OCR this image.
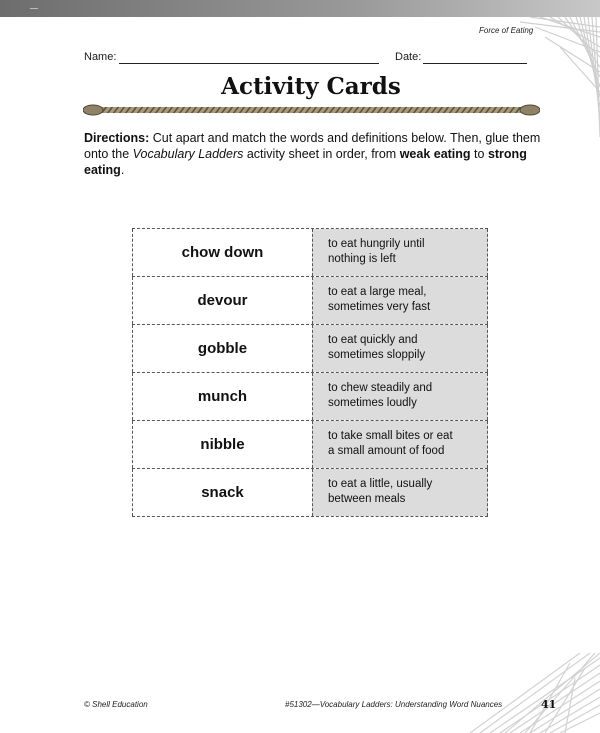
Force of Eating
Name:	Date:
Activity Cards
Directions: Cut apart and match the words and definitions below. Then, glue them onto the Vocabulary Ladders activity sheet in order, from weak eating to strong eating.
chow down	to eat hungrily until
nothing is left
devour	to eat a large meal,
sometimes very fast
gobble	to eat quickly and
sometimes sloppily
munch	to chew steadily and
sometimes loudly
nibble	to take small bites or eat
a small amount of food
snack	to eat a little, usually
between meals
© Shell Education	#51302—Vocabulary Ladders: Understanding Word Nuances	41
